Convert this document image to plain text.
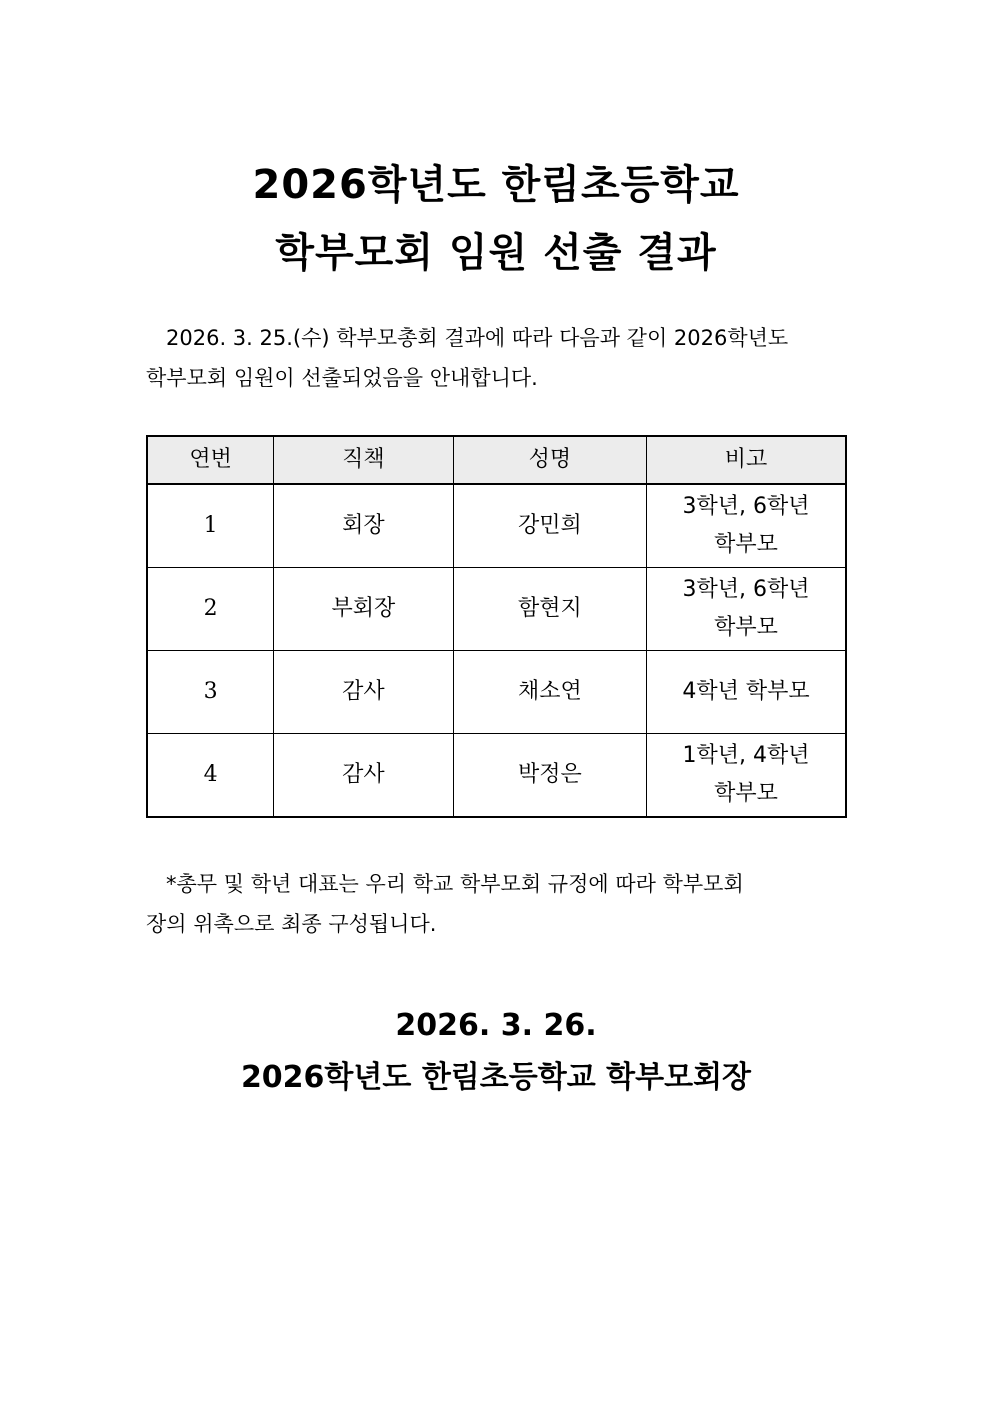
2026학년도 한림초등학교
학부모회 임원 선출 결과
2026. 3. 25.(수) 학부모총회 결과에 따라 다음과 같이 2026학년도
학부모회 임원이 선출되었음을 안내합니다.
연번	직책	성명	비고
1	회장	강민희	3학년, 6학년
학부모

2	부회장	함현지	3학년, 6학년
학부모

3	감사	채소연	4학년 학부모

4	감사	박정은	1학년, 4학년
학부모
*총무 및 학년 대표는 우리 학교 학부모회 규정에 따라 학부모회
장의 위촉으로 최종 구성됩니다.
2026. 3. 26.
2026학년도 한림초등학교 학부모회장
